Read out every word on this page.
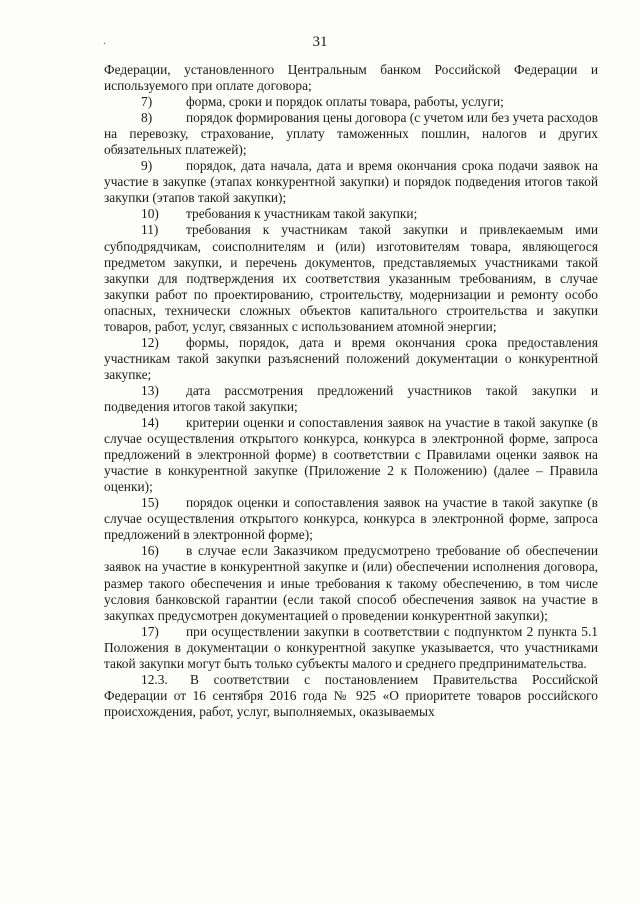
.	31

Федерации, установленного Центральным банком Российской Федерации и используемого при оплате договора;

7)	форма, сроки и порядок оплаты товара, работы, услуги;

8)	порядок формирования цены договора (с учетом или без учета расходов на перевозку, страхование, уплату таможенных пошлин, налогов и других обязательных платежей);

9)	порядок, дата начала, дата и время окончания срока подачи заявок на участие в закупке (этапах конкурентной закупки) и порядок подведения итогов такой закупки (этапов такой закупки);

10) требования к участникам такой закупки;

11) требования к участникам такой закупки и привлекаемым ими субподрядчикам, соисполнителям и (или) изготовителям товара, являющегося предметом закупки, и перечень документов, представляемых участниками такой закупки для подтверждения их соответствия указанным требованиям, в случае закупки работ по проектированию, строительству, модернизации и ремонту особо опасных, технически сложных объектов капитального строительства и закупки товаров, работ, услуг, связанных с использованием атомной энергии;

12) формы, порядок, дата и время окончания срока предоставления участникам такой закупки разъяснений положений документации о конкурентной закупке;

13) дата рассмотрения предложений участников такой закупки и подведения итогов такой закупки;

14) критерии оценки и сопоставления заявок на участие в такой закупке (в случае осуществления открытого конкурса, конкурса в электронной форме, запроса предложений в электронной форме) в соответствии с Правилами оценки заявок на участие в конкурентной закупке (Приложение 2 к Положению) (далее – Правила оценки);

15) порядок оценки и сопоставления заявок на участие в такой закупке (в случае осуществления открытого конкурса, конкурса в электронной форме, запроса предложений в электронной форме);

16) в случае если Заказчиком предусмотрено требование об обеспечении заявок на участие в конкурентной закупке и (или) обеспечении исполнения договора, размер такого обеспечения и иные требования к такому обеспечению, в том числе условия банковской гарантии (если такой способ обеспечения заявок на участие в закупках предусмотрен документацией о проведении конкурентной закупки);

17) при осуществлении закупки в соответствии с подпунктом 2 пункта 5.1 Положения в документации о конкурентной закупке указывается, что участниками такой закупки могут быть только субъекты малого и среднего предпринимательства.

12.3. В соответствии с постановлением Правительства Российской Федерации от 16 сентября 2016 года № 925 «О приоритете товаров российского происхождения, работ, услуг, выполняемых, оказываемых
